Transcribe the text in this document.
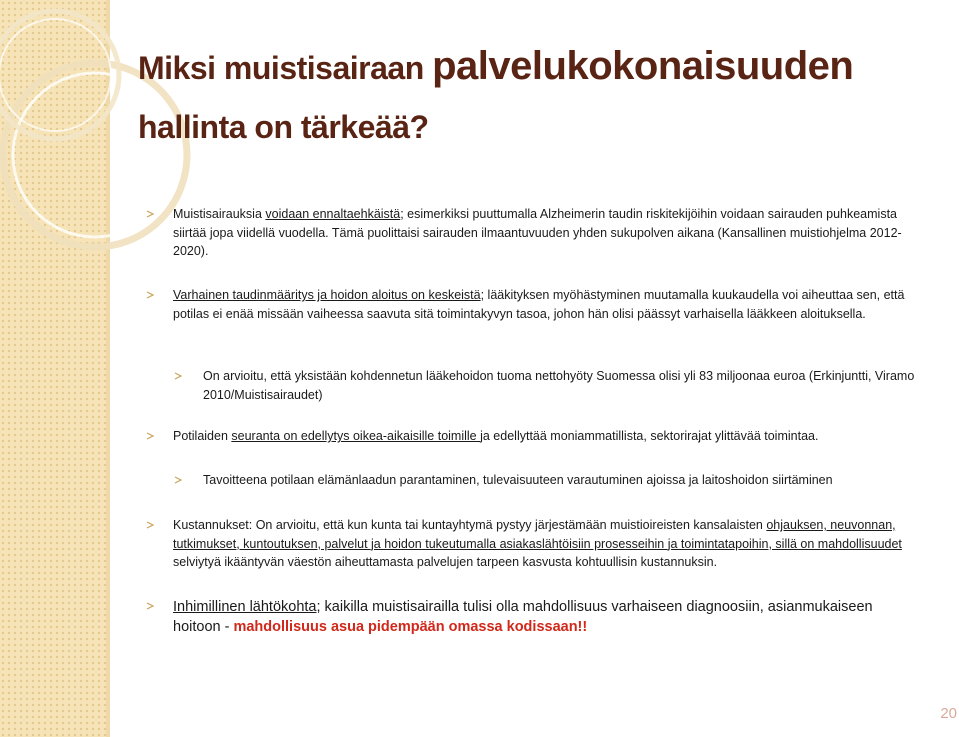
Miksi muistisairaan palvelukokonaisuuden
hallinta on tärkeää?
Muistisairauksia voidaan ennaltaehkäistä; esimerkiksi puuttumalla Alzheimerin taudin riskitekijöihin voidaan sairauden puhkeamista siirtää jopa viidellä vuodella. Tämä puolittaisi sairauden ilmaantuvuuden yhden sukupolven aikana (Kansallinen muistiohjelma 2012-2020).
Varhainen taudinmääritys ja hoidon aloitus on keskeistä; lääkityksen myöhästyminen muutamalla kuukaudella voi aiheuttaa sen, että potilas ei enää missään vaiheessa saavuta sitä toimintakyvyn tasoa, johon hän olisi päässyt varhaisella lääkkeen aloituksella.
On arvioitu, että yksistään kohdennetun lääkehoidon tuoma nettohyöty Suomessa olisi yli 83 miljoonaa euroa (Erkinjuntti, Viramo 2010/Muistisairaudet)
Potilaiden seuranta on edellytys oikea-aikaisille toimille ja edellyttää moniammatillista, sektorirajat ylittävää toimintaa.
Tavoitteena potilaan elämänlaadun parantaminen, tulevaisuuteen varautuminen ajoissa ja laitoshoidon siirtäminen
Kustannukset: On arvioitu, että kun kunta tai kuntayhtymä pystyy järjestämään muistioireisten kansalaisten ohjauksen, neuvonnan, tutkimukset, kuntoutuksen, palvelut ja hoidon tukeutumalla asiakaslähtöisiin prosesseihin ja toimintatapoihin, sillä on mahdollisuudet selviytyä ikääntyvän väestön aiheuttamasta palvelujen tarpeen kasvusta kohtuullisin kustannuksin.
Inhimillinen lähtökohta; kaikilla muistisairailla tulisi olla mahdollisuus varhaiseen diagnoosiin, asianmukaiseen hoitoon - mahdollisuus asua pidempään omassa kodissaan!!
20
